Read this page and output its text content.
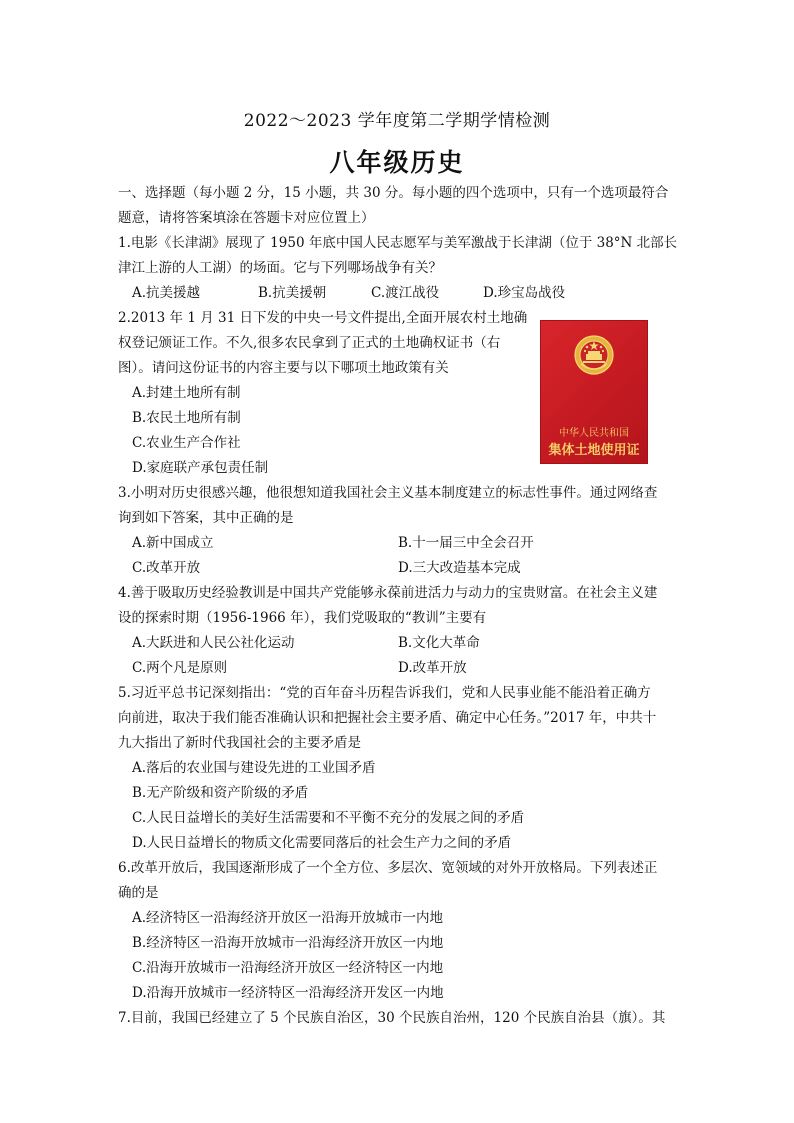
2022～2023 学年度第二学期学情检测
八年级历史
一、选择题（每小题 2 分，15 小题，共 30 分。每小题的四个选项中，只有一个选项最符合
题意，请将答案填涂在答题卡对应位置上）
1.电影《长津湖》展现了 1950 年底中国人民志愿军与美军激战于长津湖（位于 38°N 北部长
津江上游的人工湖）的场面。它与下列哪场战争有关？
A.抗美援越	B.抗美援朝	C.渡江战役	D.珍宝岛战役
2.2013 年 1 月 31 日下发的中央一号文件提出,全面开展农村土地确
权登记颁证工作。不久,很多农民拿到了正式的土地确权证书（右
图）。请问这份证书的内容主要与以下哪项土地政策有关
A.封建土地所有制
B.农民土地所有制
C.农业生产合作社
D.家庭联产承包责任制
中华人民共和国
集体土地使用证
3.小明对历史很感兴趣，他很想知道我国社会主义基本制度建立的标志性事件。通过网络查
询到如下答案，其中正确的是
A.新中国成立	B.十一届三中全会召开
C.改革开放	D.三大改造基本完成
4.善于吸取历史经验教训是中国共产党能够永葆前进活力与动力的宝贵财富。在社会主义建
设的探索时期（1956-1966 年），我们党吸取的“教训”主要有
A.大跃进和人民公社化运动	B.文化大革命
C.两个凡是原则	D.改革开放
5.习近平总书记深刻指出：“党的百年奋斗历程告诉我们，党和人民事业能不能沿着正确方
向前进，取决于我们能否准确认识和把握社会主要矛盾、确定中心任务。”2017 年，中共十
九大指出了新时代我国社会的主要矛盾是
A.落后的农业国与建设先进的工业国矛盾
B.无产阶级和资产阶级的矛盾
C.人民日益增长的美好生活需要和不平衡不充分的发展之间的矛盾
D.人民日益增长的物质文化需要同落后的社会生产力之间的矛盾
6.改革开放后，我国逐渐形成了一个全方位、多层次、宽领域的对外开放格局。下列表述正
确的是
A.经济特区一沿海经济开放区一沿海开放城市一内地
B.经济特区一沿海开放城市一沿海经济开放区一内地
C.沿海开放城市一沿海经济开放区一经济特区一内地
D.沿海开放城市一经济特区一沿海经济开发区一内地
7.目前，我国已经建立了 5 个民族自治区，30 个民族自治州，120 个民族自治县（旗）。其
